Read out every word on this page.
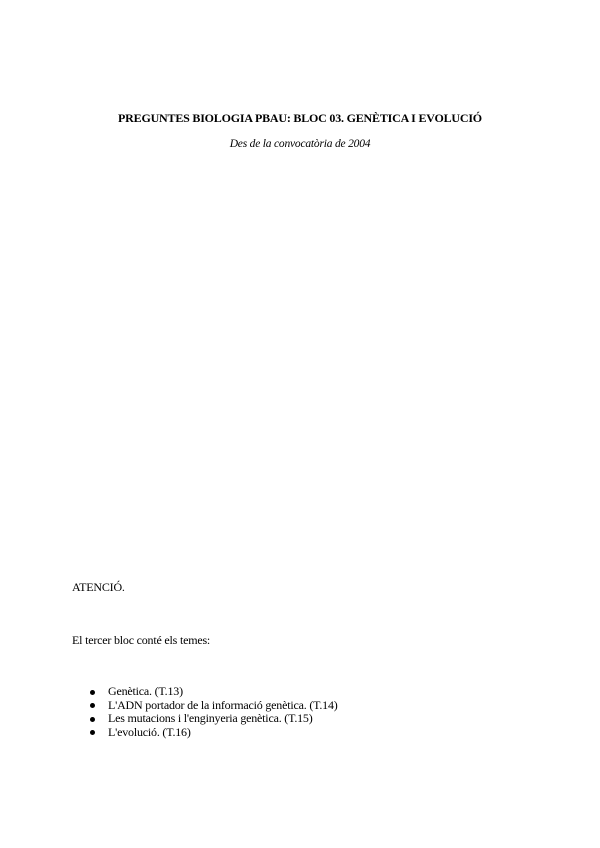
PREGUNTES BIOLOGIA PBAU: BLOC 03. GENÈTICA I EVOLUCIÓ

Des de la convocatòria de 2004

ATENCIÓ.

El tercer bloc conté els temes:

Genètica. (T.13)
L'ADN portador de la informació genètica. (T.14)
Les mutacions i l'enginyeria genètica. (T.15)
L'evolució. (T.16)
